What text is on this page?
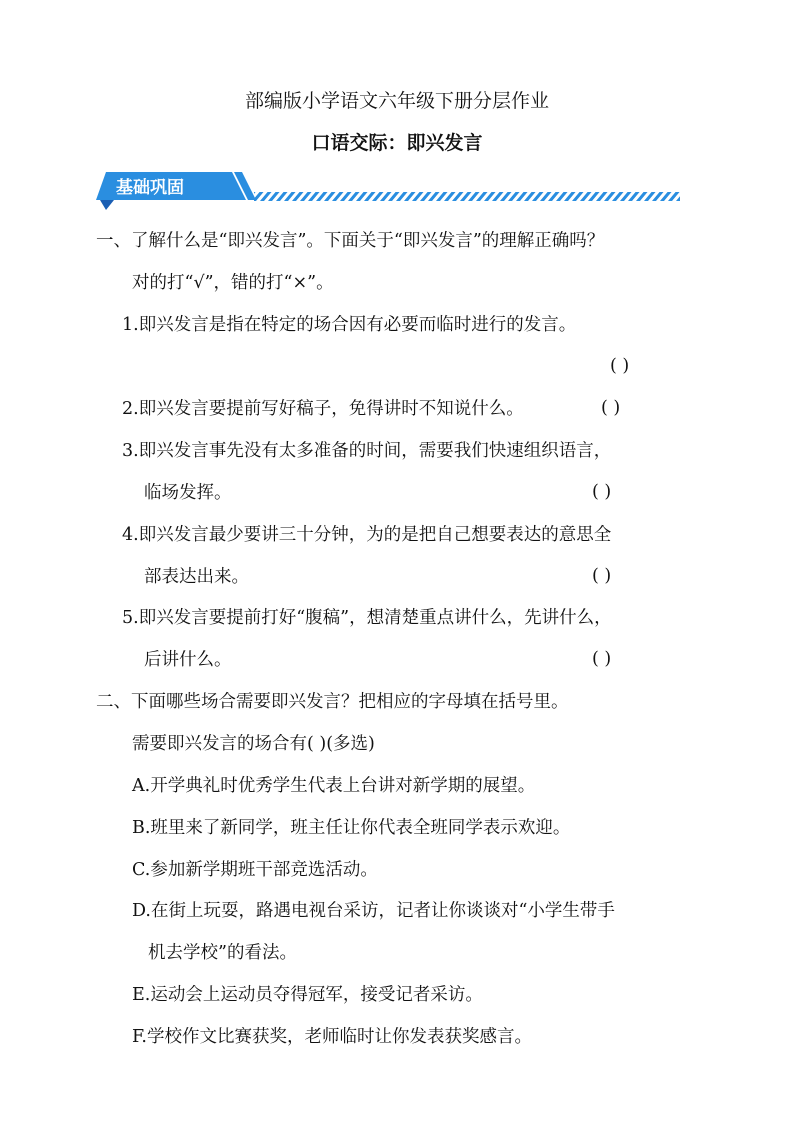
部编版小学语文六年级下册分层作业
口语交际：即兴发言
基础巩固
一、了解什么是“即兴发言”。下面关于“即兴发言”的理解正确吗？
对的打“√”，错的打“×”。
1.即兴发言是指在特定的场合因有必要而临时进行的发言。
( )
2.即兴发言要提前写好稿子，免得讲时不知说什么。	( )
3.即兴发言事先没有太多准备的时间，需要我们快速组织语言，
临场发挥。	( )
4.即兴发言最少要讲三十分钟，为的是把自己想要表达的意思全
部表达出来。	( )
5.即兴发言要提前打好“腹稿”，想清楚重点讲什么，先讲什么，
后讲什么。	( )
二、下面哪些场合需要即兴发言？把相应的字母填在括号里。
需要即兴发言的场合有( )(多选)
A.开学典礼时优秀学生代表上台讲对新学期的展望。
B.班里来了新同学，班主任让你代表全班同学表示欢迎。
C.参加新学期班干部竞选活动。
D.在街上玩耍，路遇电视台采访，记者让你谈谈对“小学生带手
机去学校”的看法。
E.运动会上运动员夺得冠军，接受记者采访。
F.学校作文比赛获奖，老师临时让你发表获奖感言。
